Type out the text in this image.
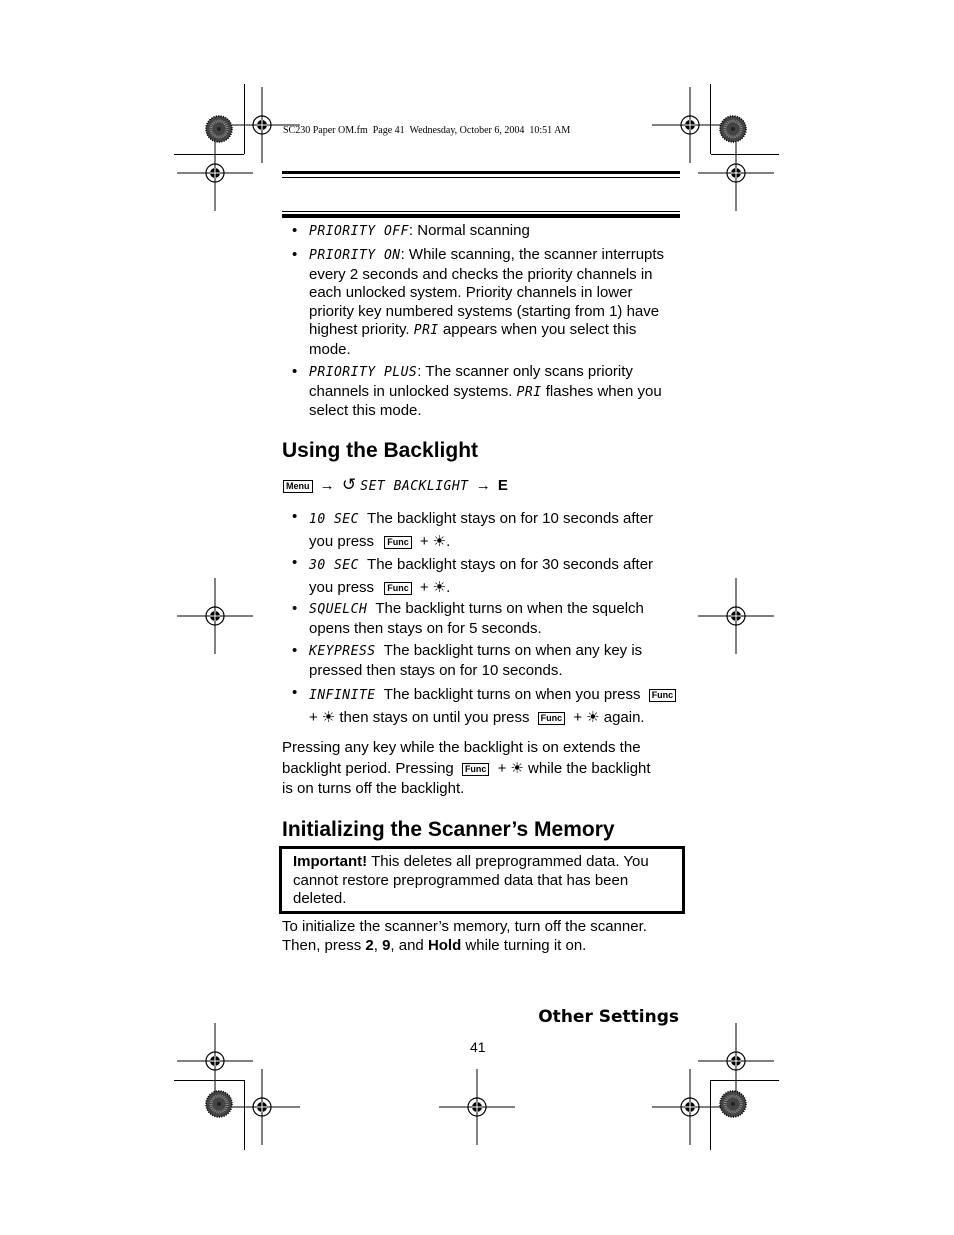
SC230 Paper OM.fm  Page 41  Wednesday, October 6, 2004  10:51 AM
• PRIORITY OFF: Normal scanning
• PRIORITY ON: While scanning, the scanner interrupts every 2 seconds and checks the priority channels in each unlocked system. Priority channels in lower priority key numbered systems (starting from 1) have highest priority. PRI appears when you select this mode.
• PRIORITY PLUS: The scanner only scans priority channels in unlocked systems. PRI flashes when you select this mode.
Using the Backlight
Menu → ↺ SET BACKLIGHT → E
• 10 SEC The backlight stays on for 10 seconds after you press Func + ☀.
• 30 SEC The backlight stays on for 30 seconds after you press Func + ☀.
• SQUELCH The backlight turns on when the squelch opens then stays on for 5 seconds.
• KEYPRESS The backlight turns on when any key is pressed then stays on for 10 seconds.
• INFINITE The backlight turns on when you press Func
+ ☀ then stays on until you press Func + ☀ again.
Pressing any key while the backlight is on extends the
backlight period. Pressing Func + ☀ while the backlight
is on turns off the backlight.
Initializing the Scanner’s Memory
Important! This deletes all preprogrammed data. You cannot restore preprogrammed data that has been deleted.
To initialize the scanner’s memory, turn off the scanner. Then, press 2, 9, and Hold while turning it on.
Other Settings
41
